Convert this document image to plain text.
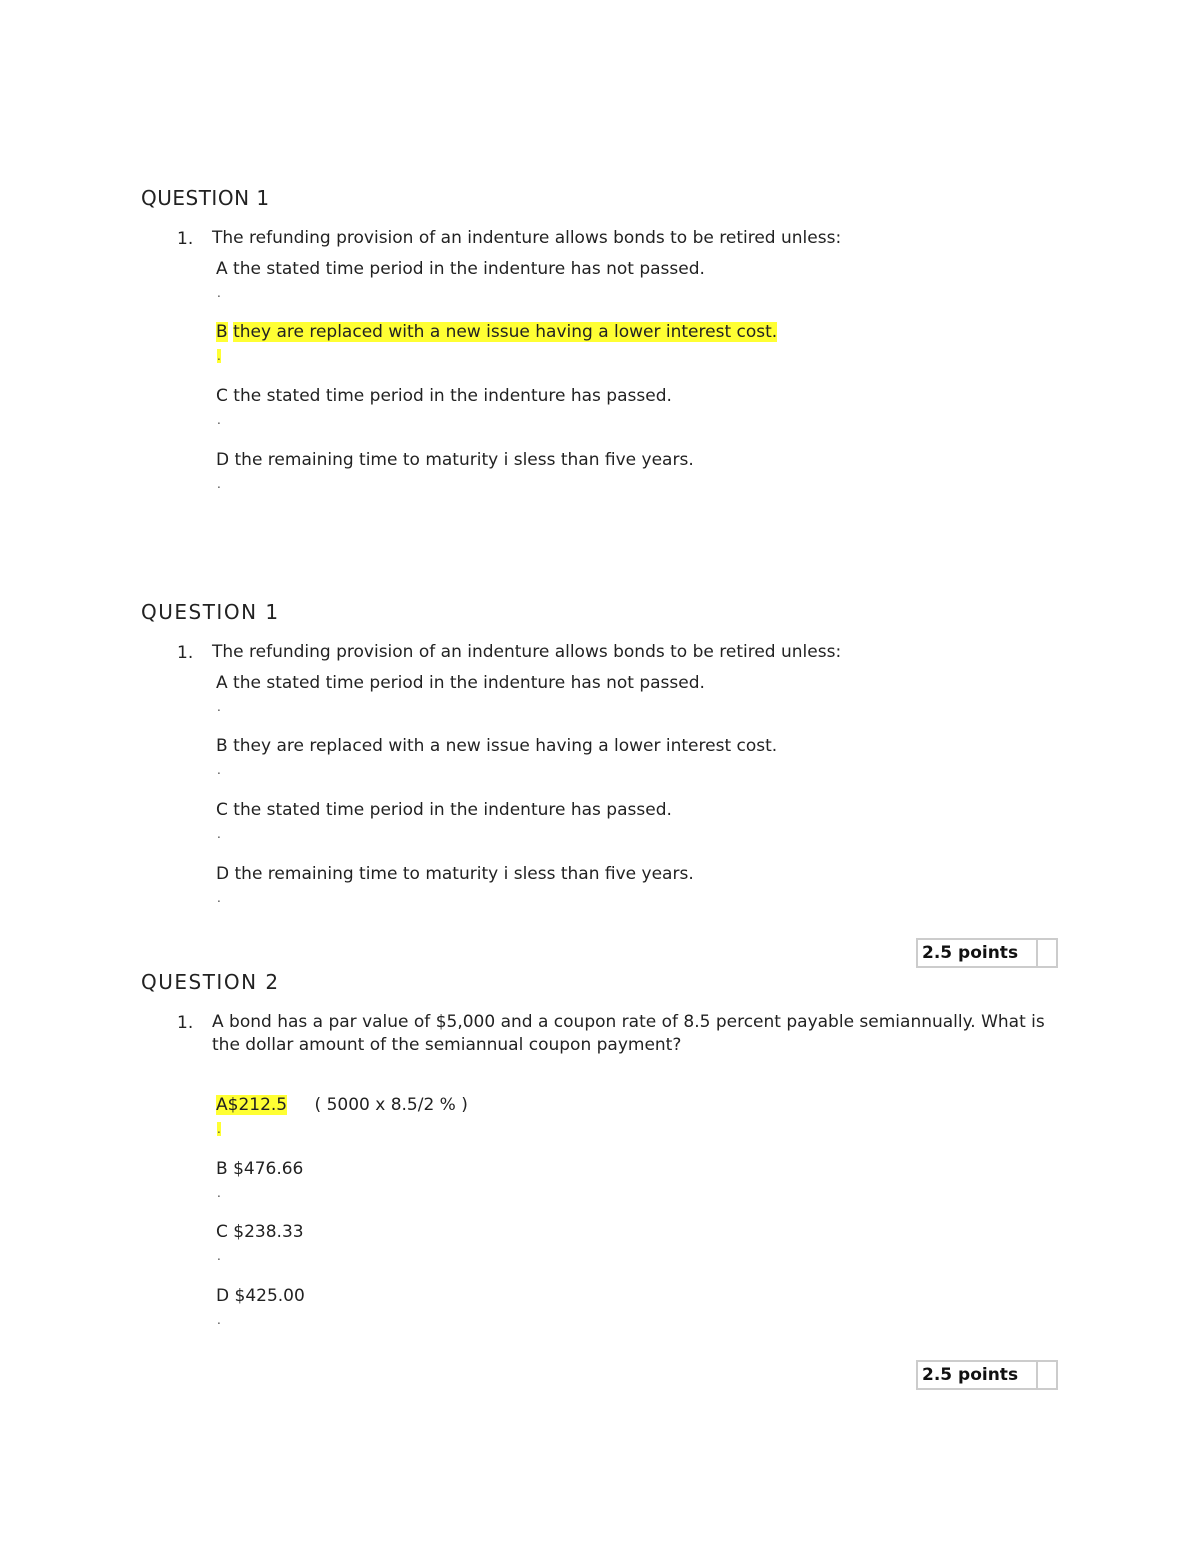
QUESTION 1
1. The refunding provision of an indenture allows bonds to be retired unless:
A the stated time period in the indenture has not passed.
.
B they are replaced with a new issue having a lower interest cost.
.
C the stated time period in the indenture has passed.
.
D the remaining time to maturity i sless than five years.
.
QUESTION 1
1. The refunding provision of an indenture allows bonds to be retired unless:
A the stated time period in the indenture has not passed.
.
B they are replaced with a new issue having a lower interest cost.
.
C the stated time period in the indenture has passed.
.
D the remaining time to maturity i sless than five years.
.
2.5 points
QUESTION 2
1. A bond has a par value of $5,000 and a coupon rate of 8.5 percent payable semiannually. What is
the dollar amount of the semiannual coupon payment?
A$212.5 ( 5000 x 8.5/2 % )
.
B $476.66
.
C $238.33
.
D $425.00
.
2.5 points
